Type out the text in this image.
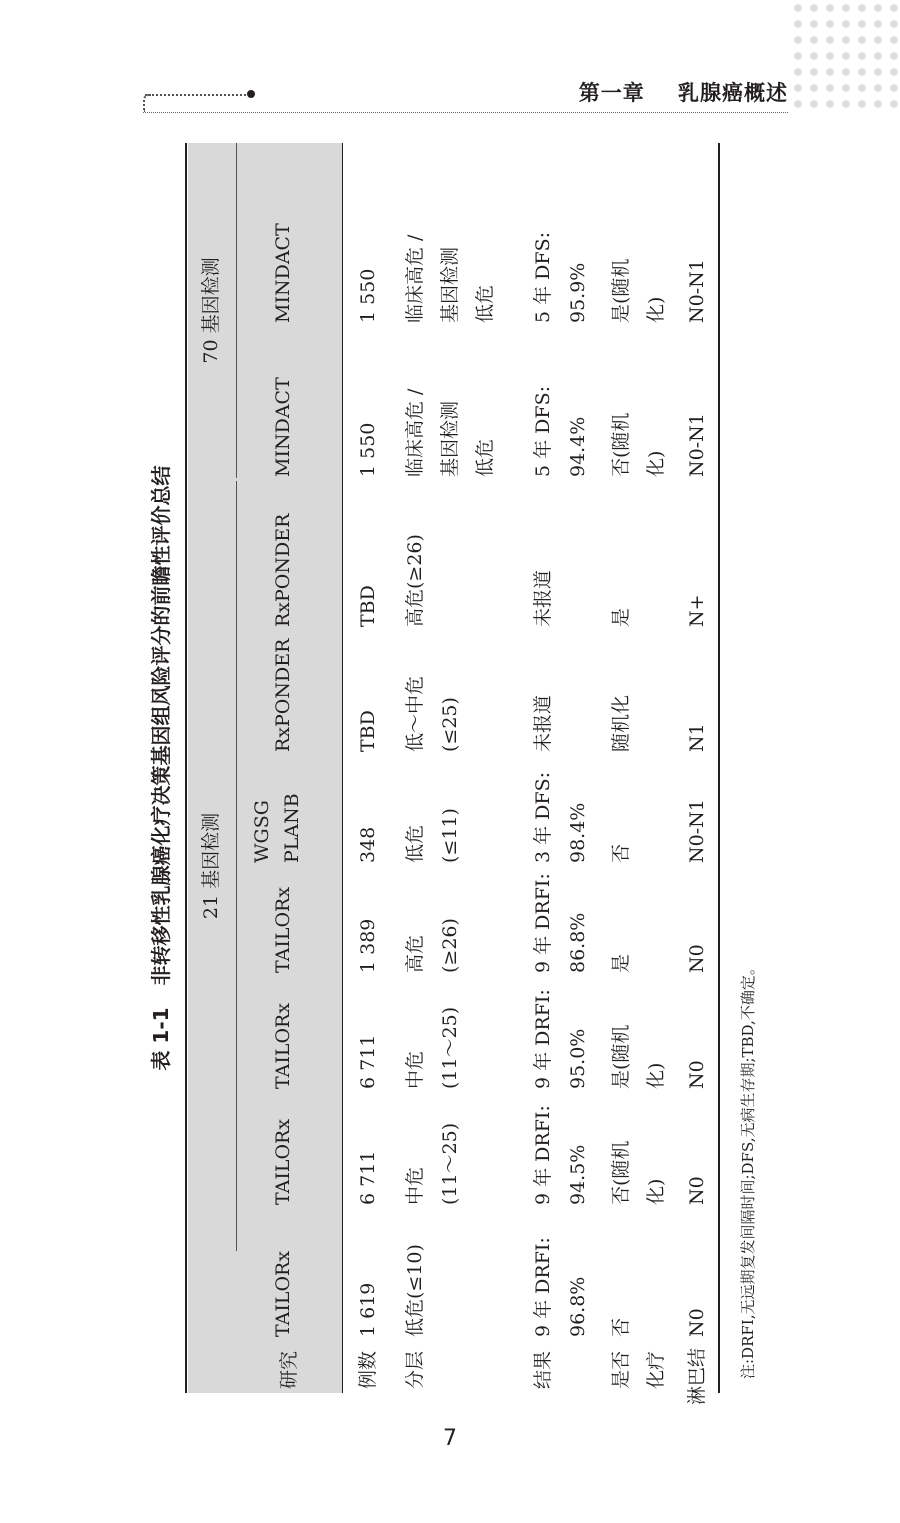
第一章 乳腺癌概述
表 1-1非转移性乳腺癌化疗决策基因组风险评分的前瞻性评价总结 21 基因检测
70 基因检测
研究	例数	分层	结果	是否 化疗	淋巴结
TAILORx	1 619	低危(≤10)	9 年 DRFI: 96.8%	否	N0
TAILORx	6 711	中危 (11～25)	9 年 DRFI: 94.5%	否(随机 化)	N0
TAILORx	6 711	中危 (11～25)	9 年 DRFI: 95.0%	是(随机 化)	N0
TAILORx	1 389	高危 (≥26)	9 年 DRFI: 86.8%	是	N0
WGSG PLANB	348	低危 (≤11)	3 年 DFS: 98.4%	否	N0-N1
RxPONDER	TBD	低～中危 (≤25)	未报道	随机化	N1
RxPONDER	TBD	高危(≥26)	未报道	是	N+
MINDACT	1 550	临床高危 / 基因检测 低危	5 年 DFS: 94.4%	否(随机 化)	N0-N1
MINDACT	1 550	临床高危 / 基因检测 低危	5 年 DFS: 95.9%	是(随机 化)	N0-N1
注:DRFI,无远期复发间隔时间;DFS,无病生存期;TBD,不确定。
7
